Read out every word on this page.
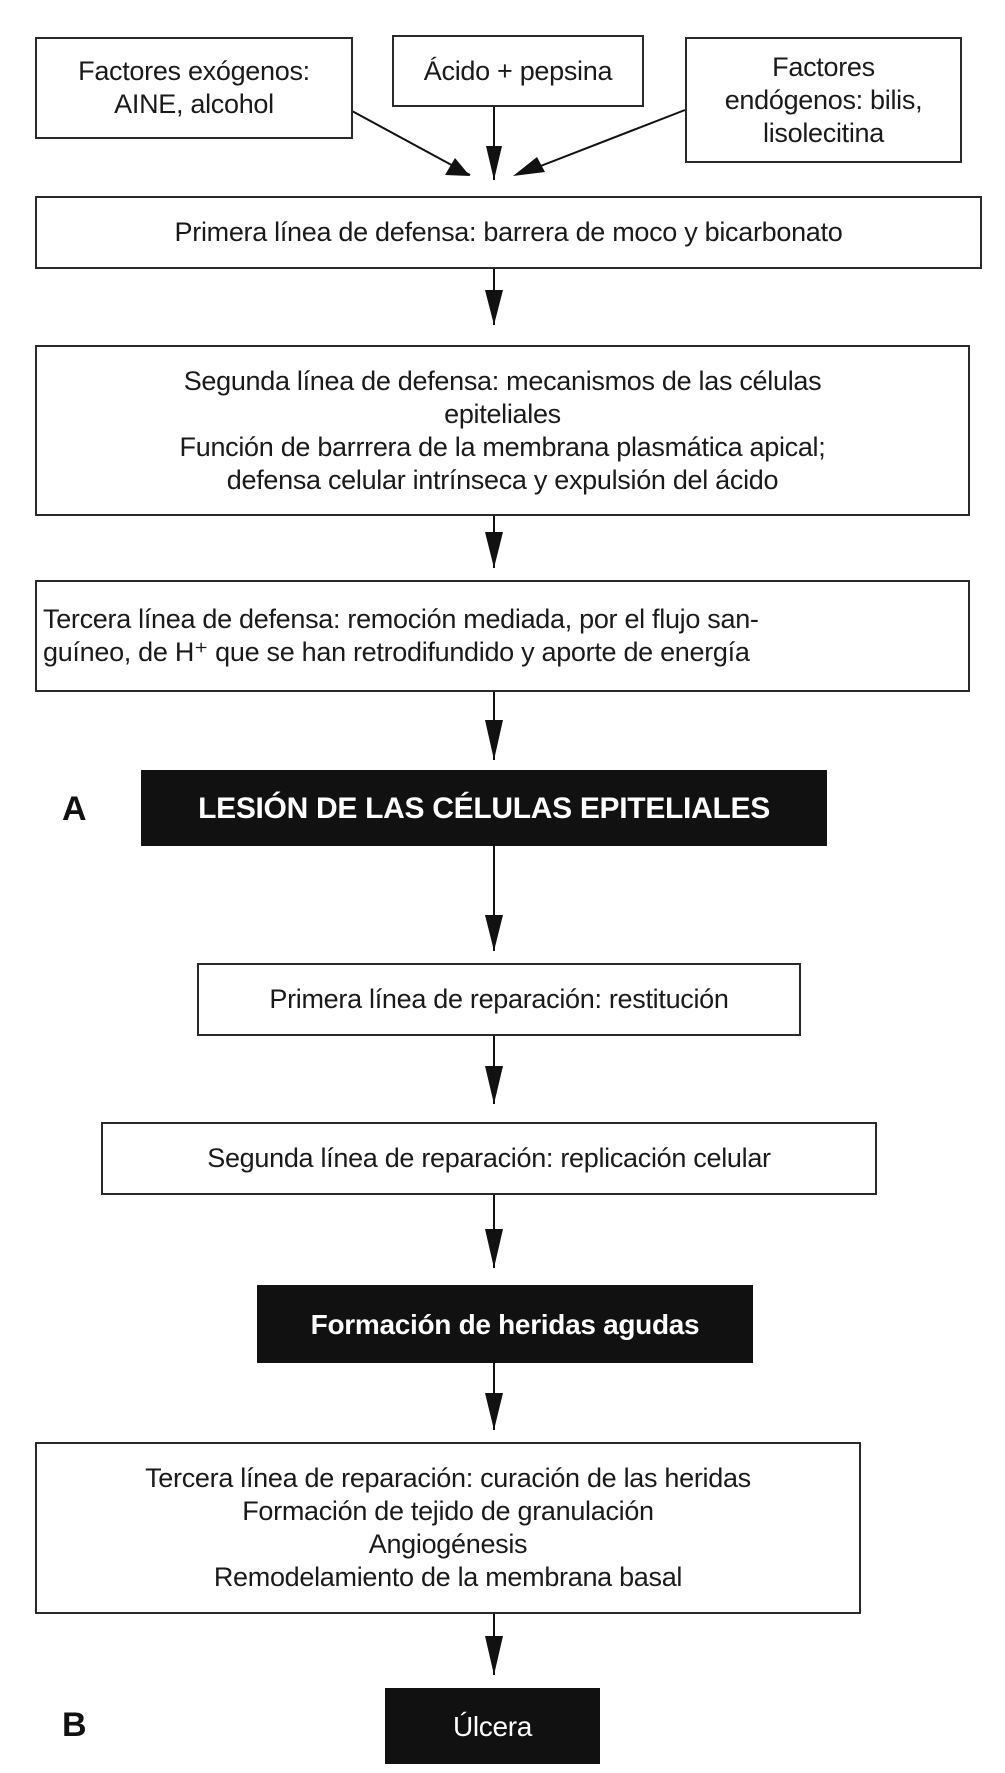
Factores exógenos:
AINE, alcohol
Ácido + pepsina	Factores
endógenos: bilis,
lisolecitina
Primera línea de defensa: barrera de moco y bicarbonato
Segunda línea de defensa: mecanismos de las células
epiteliales
Función de barrrera de la membrana plasmática apical;
defensa celular intrínseca y expulsión del ácido
Tercera línea de defensa: remoción mediada, por el flujo san-
guíneo, de H⁺ que se han retrodifundido y aporte de energía
A	LESIÓN DE LAS CÉLULAS EPITELIALES
Primera línea de reparación: restitución
Segunda línea de reparación: replicación celular
Formación de heridas agudas
Tercera línea de reparación: curación de las heridas
Formación de tejido de granulación
Angiogénesis
Remodelamiento de la membrana basal
B	Úlcera
